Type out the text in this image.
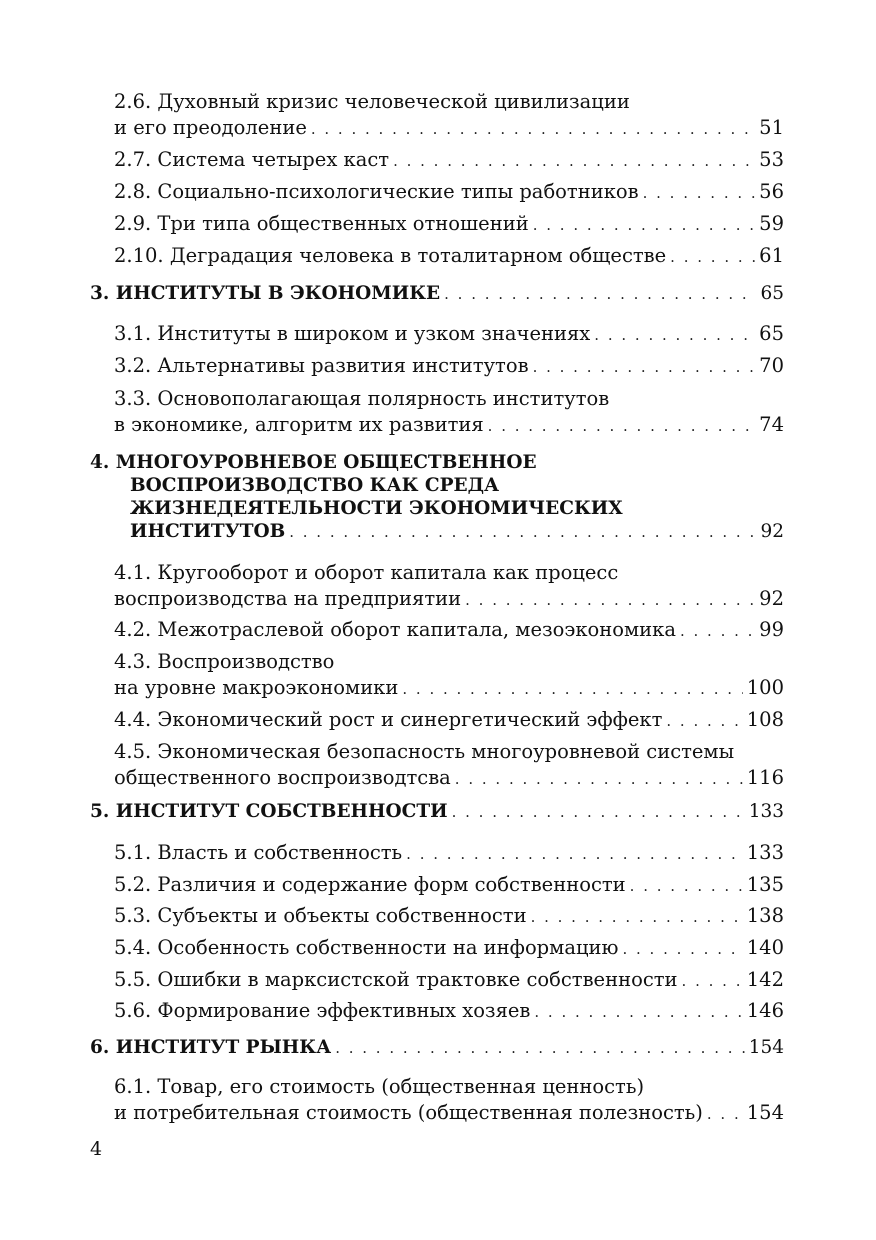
2.6. Духовный кризис человеческой цивилизации
и его преодоление . . .	51
2.7. Система четырех каст . . .	53
2.8. Социально-психологические типы работников . . .	56
2.9. Три типа общественных отношений . . .	59
2.10. Деградация человека в тоталитарном обществе . . .	61
3. ИНСТИТУТЫ В ЭКОНОМИКЕ . . .	65
3.1. Институты в широком и узком значениях . . .	65
3.2. Альтернативы развития институтов . . .	70
3.3. Основополагающая полярность институтов
в экономике, алгоритм их развития . . .	74
4. МНОГОУРОВНЕВОЕ ОБЩЕСТВЕННОЕ
ВОСПРОИЗВОДСТВО КАК СРЕДА
ЖИЗНЕДЕЯТЕЛЬНОСТИ ЭКОНОМИЧЕСКИХ
ИНСТИТУТОВ . . .	92
4.1. Кругооборот и оборот капитала как процесс
воспроизводства на предприятии . . .	92
4.2. Межотраслевой оборот капитала, мезоэкономика . . .	99
4.3. Воспроизводство
на уровне макроэкономики . . .	100
4.4. Экономический рост и синергетический эффект . . .	108
4.5. Экономическая безопасность многоуровневой системы
общественного воспроизводтсва . . .	116
5. ИНСТИТУТ СОБСТВЕННОСТИ . . .	133
5.1. Власть и собственность . . .	133
5.2. Различия и содержание форм собственности . . .	135
5.3. Субъекты и объекты собственности . . .	138
5.4. Особенность собственности на информацию . . .	140
5.5. Ошибки в марксистской трактовке собственности . . .	142
5.6. Формирование эффективных хозяев . . .	146
6. ИНСТИТУТ РЫНКА . . .	154
6.1. Товар, его стоимость (общественная ценность)
и потребительная стоимость (общественная полезность) . . . 154
4
